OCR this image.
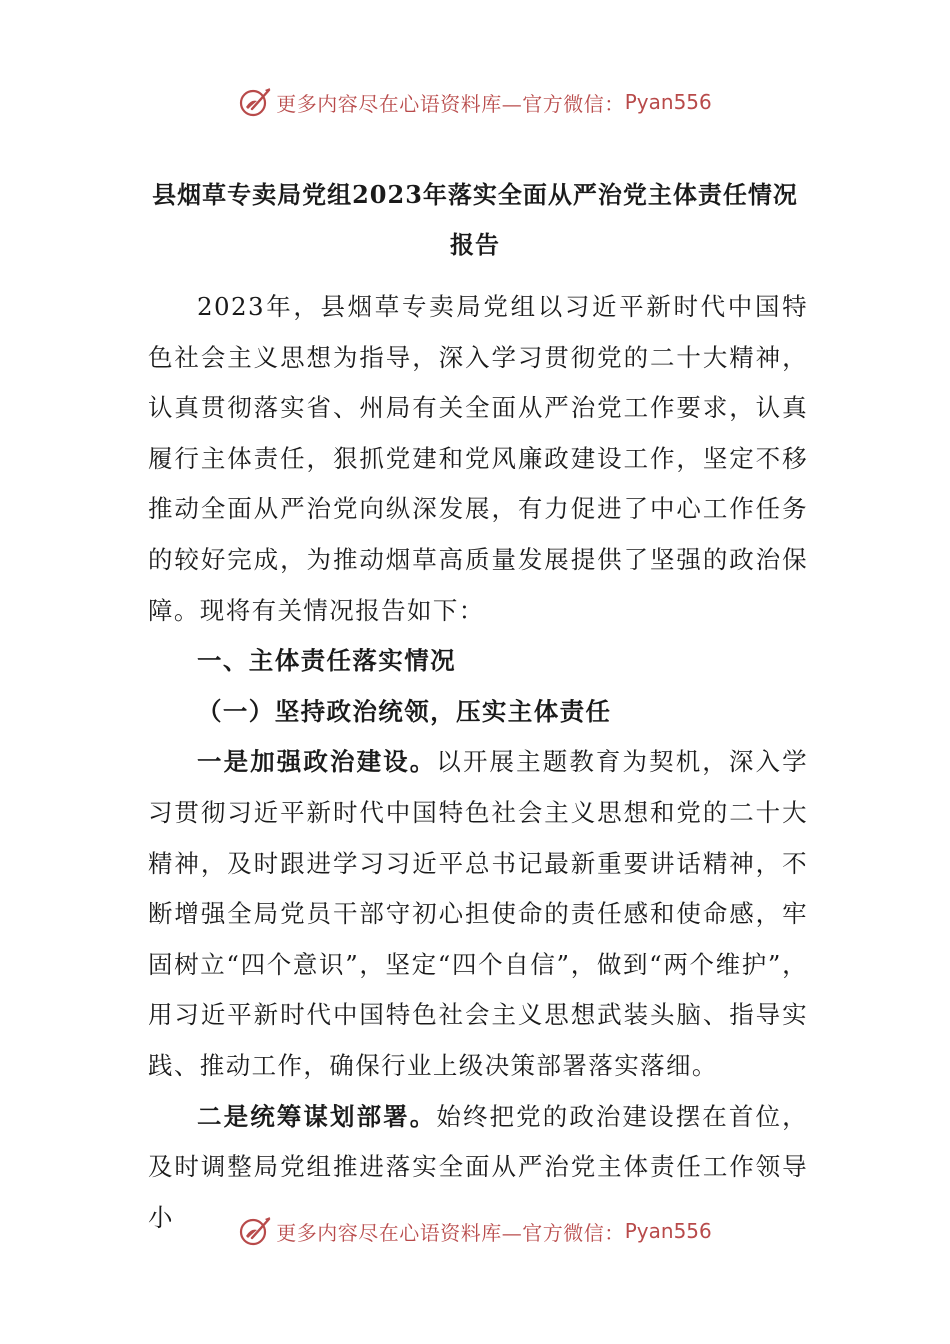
更多内容尽在心语资料库—官方微信： Pyan556
县烟草专卖局党组2023年落实全面从严治党主体责任情况
报告

2023年，县烟草专卖局党组以习近平新时代中国特色社会主义思想为指导，深入学习贯彻党的二十大精神，认真贯彻落实省、州局有关全面从严治党工作要求，认真履行主体责任，狠抓党建和党风廉政建设工作，坚定不移推动全面从严治党向纵深发展，有力促进了中心工作任务的较好完成，为推动烟草高质量发展提供了坚强的政治保障。现将有关情况报告如下：

一、主体责任落实情况

（一）坚持政治统领，压实主体责任

一是加强政治建设。以开展主题教育为契机，深入学习贯彻习近平新时代中国特色社会主义思想和党的二十大精神，及时跟进学习习近平总书记最新重要讲话精神，不断增强全局党员干部守初心担使命的责任感和使命感，牢固树立“四个意识”，坚定“四个自信”，做到“两个维护”，用习近平新时代中国特色社会主义思想武装头脑、指导实践、推动工作，确保行业上级决策部署落实落细。

二是统筹谋划部署。始终把党的政治建设摆在首位，及时调整局党组推进落实全面从严治党主体责任工作领导小

更多内容尽在心语资料库—官方微信： Pyan556
